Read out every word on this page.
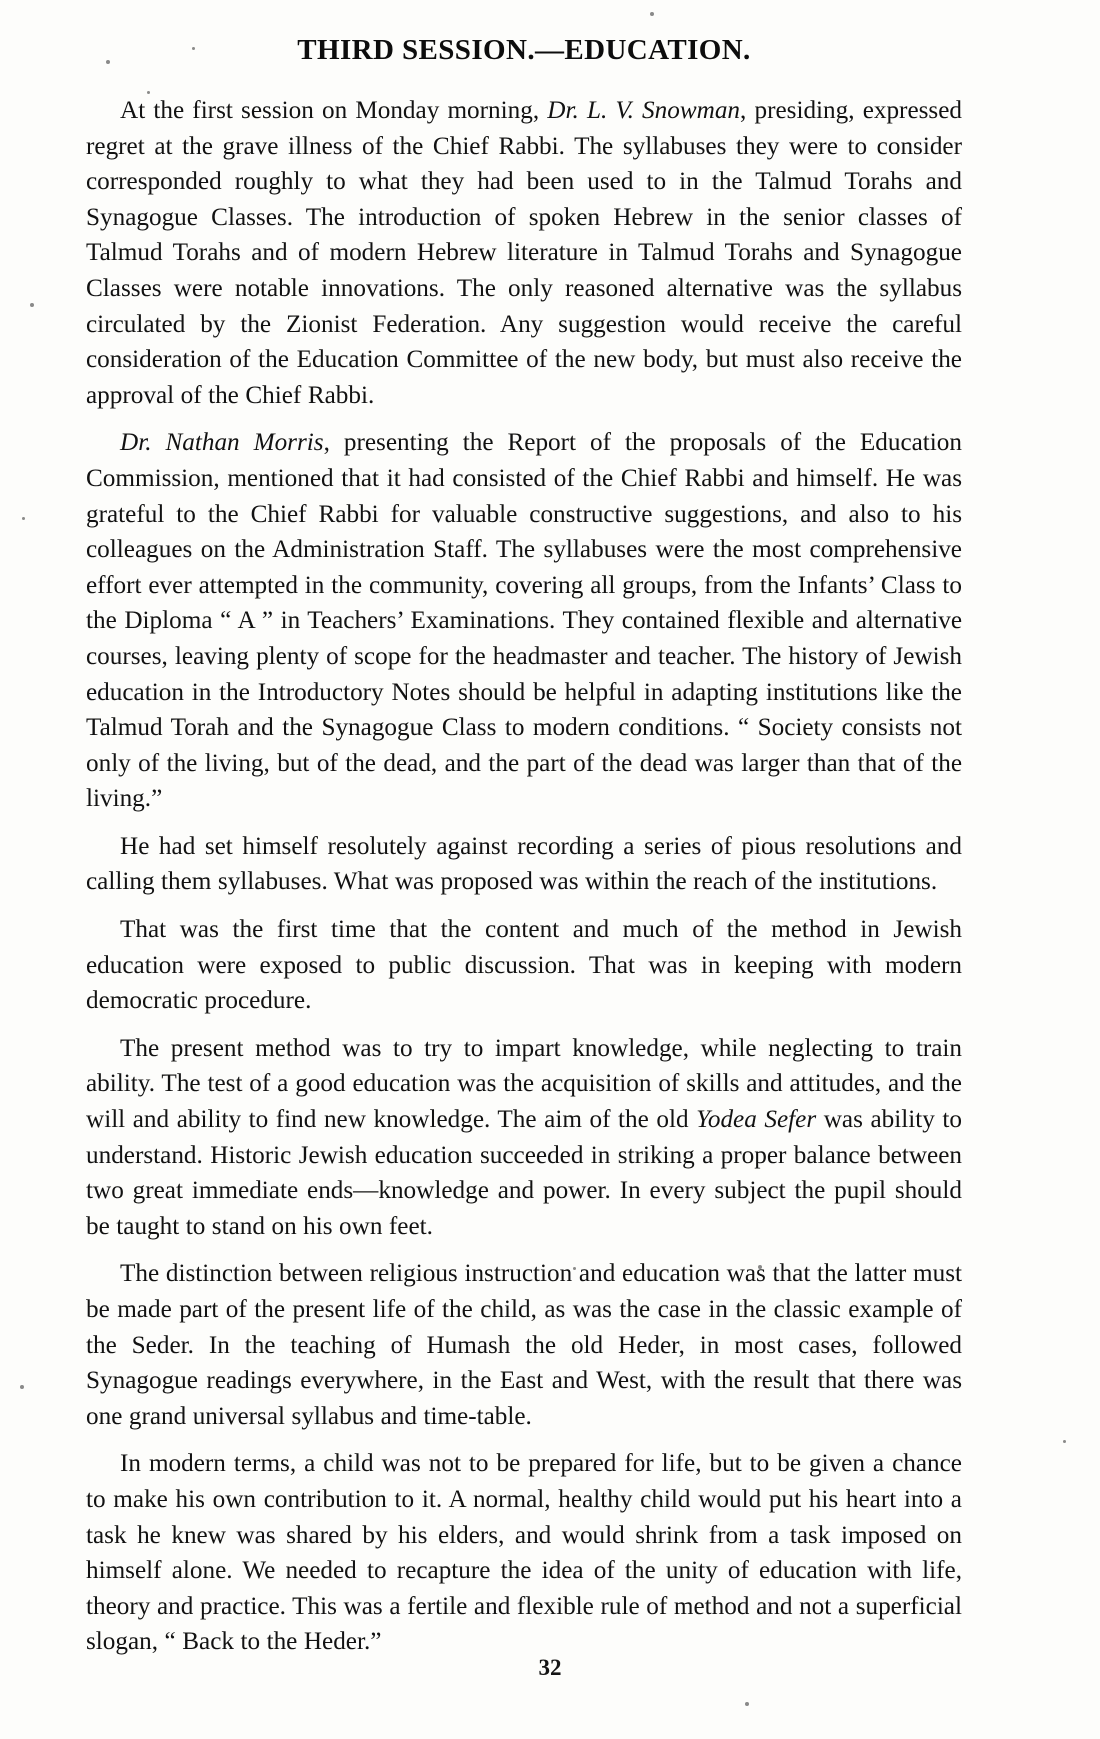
THIRD SESSION.—EDUCATION.

At the first session on Monday morning, Dr. L. V. Snowman, presiding, expressed regret at the grave illness of the Chief Rabbi. The syllabuses they were to consider corresponded roughly to what they had been used to in the Talmud Torahs and Synagogue Classes. The introduction of spoken Hebrew in the senior classes of Talmud Torahs and of modern Hebrew literature in Talmud Torahs and Synagogue Classes were notable innovations. The only reasoned alternative was the syllabus circulated by the Zionist Federation. Any suggestion would receive the careful consideration of the Education Committee of the new body, but must also receive the approval of the Chief Rabbi.

Dr. Nathan Morris, presenting the Report of the proposals of the Education Commission, mentioned that it had consisted of the Chief Rabbi and himself. He was grateful to the Chief Rabbi for valuable constructive suggestions, and also to his colleagues on the Administration Staff. The syllabuses were the most comprehensive effort ever attempted in the community, covering all groups, from the Infants’ Class to the Diploma “ A ” in Teachers’ Examinations. They contained flexible and alternative courses, leaving plenty of scope for the headmaster and teacher. The history of Jewish education in the Introductory Notes should be helpful in adapting institutions like the Talmud Torah and the Synagogue Class to modern conditions. “ Society consists not only of the living, but of the dead, and the part of the dead was larger than that of the living.”

He had set himself resolutely against recording a series of pious resolutions and calling them syllabuses. What was proposed was within the reach of the institutions.

That was the first time that the content and much of the method in Jewish education were exposed to public discussion. That was in keeping with modern democratic procedure.

The present method was to try to impart knowledge, while neglecting to train ability. The test of a good education was the acquisition of skills and attitudes, and the will and ability to find new knowledge. The aim of the old Yodea Sefer was ability to understand. Historic Jewish education succeeded in striking a proper balance between two great immediate ends—knowledge and power. In every subject the pupil should be taught to stand on his own feet.

The distinction between religious instruction and education was that the latter must be made part of the present life of the child, as was the case in the classic example of the Seder. In the teaching of Humash the old Heder, in most cases, followed Synagogue readings everywhere, in the East and West, with the result that there was one grand universal syllabus and time-table.

In modern terms, a child was not to be prepared for life, but to be given a chance to make his own contribution to it. A normal, healthy child would put his heart into a task he knew was shared by his elders, and would shrink from a task imposed on himself alone. We needed to recapture the idea of the unity of education with life, theory and practice. This was a fertile and flexible rule of method and not a superficial slogan, “ Back to the Heder.”

32
